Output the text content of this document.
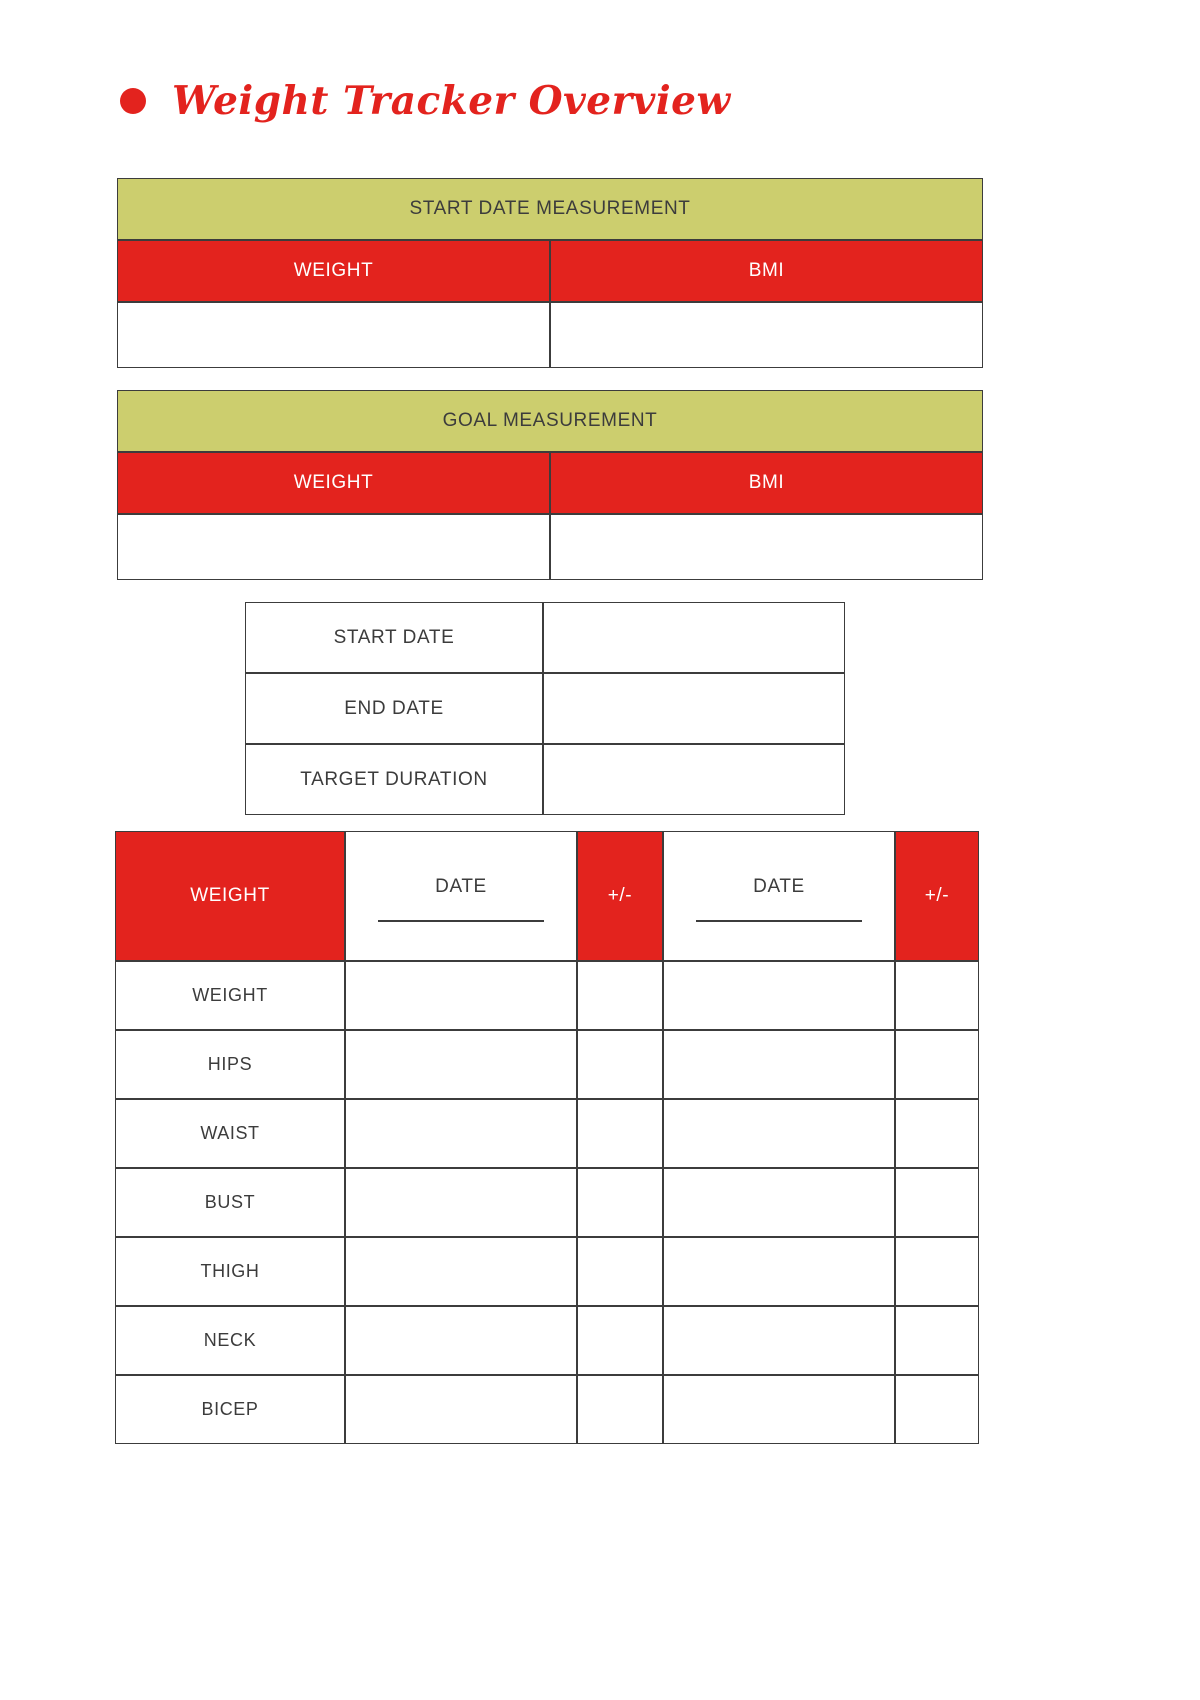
Weight Tracker Overview
START DATE MEASUREMENT
WEIGHT	BMI
GOAL MEASUREMENT
WEIGHT	BMI
START DATE
END DATE
TARGET DURATION
WEIGHT	DATE	+/-	DATE	+/-
WEIGHT
HIPS
WAIST
BUST
THIGH
NECK
BICEP
